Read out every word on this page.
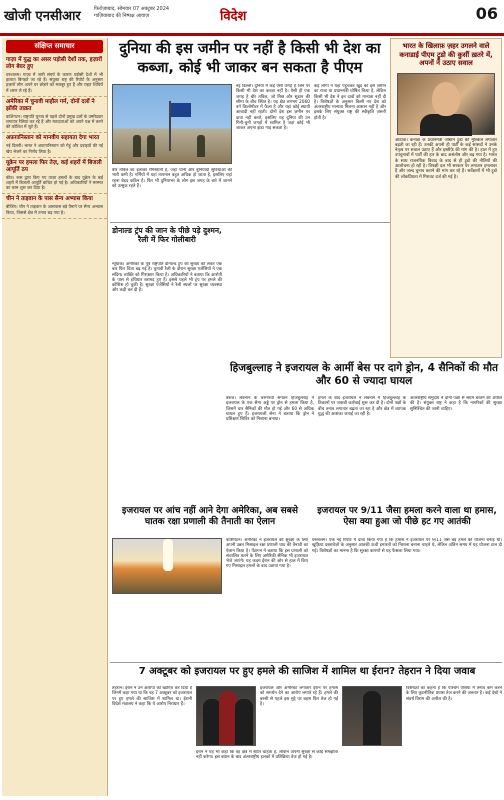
खोजी एनसीआर	फिरोज़ाबाद, सोमवार 07 अक्टूबर 2024
गाज़ियाबाद की निष्पक्ष आवाज़	विदेश	06
संक्षिप्त समाचार
गाज़ा में युद्ध का असर पड़ोसी देशों तक, हज़ारों लोग बेघर हुए
यरुशलम। गाज़ा में जारी संघर्ष के कारण पड़ोसी देशों में भी हालात बिगड़ते जा रहे हैं। संयुक्त राष्ट्र की रिपोर्ट के अनुसार हज़ारों लोग अपने घर छोड़ने को मजबूर हुए हैं और राहत शिविरों में शरण ले रहे हैं।
अमेरिका में चुनावी माहौल गर्म, दोनों दलों ने झोंकी ताक़त
वाशिंगटन। राष्ट्रपति चुनाव से पहले दोनों प्रमुख दलों के उम्मीदवार लगातार रैलियां कर रहे हैं और मतदाताओं को अपने पक्ष में करने की कोशिश में जुटे हैं।
अफ़ग़ानिस्तान को मानवीय सहायता देगा भारत
नई दिल्ली। भारत ने अफ़ग़ानिस्तान को गेहूं और दवाइयों की नई खेप भेजने का निर्णय लिया है।
यूक्रेन पर हमला फिर तेज़, कई शहरों में बिजली आपूर्ति ठप
कीव। रूस द्वारा किए गए ताज़ा हमलों के बाद यूक्रेन के कई शहरों में बिजली आपूर्ति बाधित हो गई है। अधिकारियों ने मरम्मत का काम शुरू कर दिया है।
चीन ने ताइवान के पास सैन्य अभ्यास किया
बीजिंग। चीन ने ताइवान के आसपास बड़े पैमाने पर सैन्य अभ्यास किया, जिससे क्षेत्र में तनाव बढ़ गया है।
दुनिया की इस जमीन पर नहीं है किसी भी देश का कब्जा, कोई भी जाकर बन सकता है पीएम
नई दिल्ली। दुनिया में कई ऐसी जगहें हैं जिन पर किसी भी देश का कब्ज़ा नहीं है। ऐसी ही एक जगह है बीर तविल, जो मिस्र और सूडान की सीमा के बीच स्थित है। यह क्षेत्र लगभग 2060 वर्ग किलोमीटर में फैला है और यहां कोई स्थायी आबादी नहीं रहती। दोनों देश इस ज़मीन पर दावा नहीं करते, इसलिए यह दुनिया की उन गिनी-चुनी जगहों में शामिल है जहां कोई भी जाकर अपना झंडा गाड़ सकता है।
कई लोगों ने यहां पहुंचकर खुद को इस ज़मीन का राजा या प्रधानमंत्री घोषित किया है, लेकिन किसी भी देश ने इन दावों को मान्यता नहीं दी है। विशेषज्ञों के अनुसार किसी नए देश को अंतरराष्ट्रीय मान्यता मिलना आसान नहीं है और इसके लिए संयुक्त राष्ट्र की स्वीकृति ज़रूरी होती है।
बीर तविल का इलाका रेगिस्तानी है, जहां पानी और बुनियादी सुविधाओं की भारी कमी है। गर्मियों में यहां तापमान बहुत अधिक हो जाता है, इसलिए यहां रहना बेहद कठिन है। फिर भी दुनियाभर के लोग इस जगह के बारे में जानने को उत्सुक रहते हैं।
भारत के खिलाफ़ ज़हर उगलने वाले कनाडाई पीएम ट्रूडो की कुर्सी ख़तरे में, अपनों ने उठाए सवाल
ओटावा। कनाडा के प्रधानमंत्री जस्टिन ट्रूडो की मुश्किलें लगातार बढ़ती जा रही हैं। उनकी अपनी ही पार्टी के कई सांसदों ने उनके नेतृत्व पर सवाल उठाए हैं और इस्तीफ़े की मांग की है। हाल में हुए उपचुनावों में पार्टी की हार के बाद असंतोष और बढ़ गया है। भारत के साथ राजनयिक विवाद के बाद से ही ट्रूडो की नीतियों की आलोचना हो रही है। विपक्षी दल भी सरकार पर लगातार हमलावर हैं और जल्द चुनाव कराने की मांग कर रहे हैं। सर्वेक्षणों में भी ट्रूडो की लोकप्रियता में गिरावट दर्ज की गई है।
डोनाल्ड ट्रंप की जान के पीछे पड़े दुश्मन, रैली में फिर गोलीबारी
न्यूयॉर्क। अमेरिका के पूर्व राष्ट्रपति डोनाल्ड ट्रंप की सुरक्षा को लेकर एक बार फिर चिंता बढ़ गई है। चुनावी रैली के दौरान सुरक्षा एजेंसियों ने एक संदिग्ध व्यक्ति को गिरफ़्तार किया है। अधिकारियों ने बताया कि आरोपी के पास से हथियार बरामद हुए हैं। इससे पहले भी ट्रंप पर हमले की कोशिश हो चुकी है। सुरक्षा एजेंसियों ने रैली स्थलों पर सुरक्षा व्यवस्था और कड़ी कर दी है।
हिजबुल्लाह ने इजरायल के आर्मी बेस पर दागे ड्रोन, 4 सैनिकों की मौत और 60 से ज्यादा घायल
बेरूत। लेबनान के चरमपंथी संगठन हिजबुल्लाह ने इजरायल के एक सैन्य अड्डे पर ड्रोन से हमला किया है, जिसमें चार सैनिकों की मौत हो गई और 60 से अधिक घायल हुए हैं। इजरायली सेना ने बताया कि ड्रोन ने प्रशिक्षण शिविर को निशाना बनाया।
हमले के बाद इजरायल ने लेबनान में हिजबुल्लाह के ठिकानों पर जवाबी कार्रवाई शुरू कर दी है। दोनों पक्षों के बीच तनाव लगातार बढ़ता जा रहा है और क्षेत्र में व्यापक युद्ध की आशंका जताई जा रही है।
अंतरराष्ट्रीय समुदाय ने दोनों पक्षों से संयम बरतने की अपील की है। संयुक्त राष्ट्र ने कहा है कि नागरिकों की सुरक्षा सुनिश्चित की जानी चाहिए।
इजरायल पर आंच नहीं आने देगा अमेरिका, अब सबसे घातक रक्षा प्रणाली की तैनाती का ऐलान
वाशिंगटन। अमेरिका ने इजरायल की सुरक्षा के लिए अपनी उन्नत मिसाइल रक्षा प्रणाली थाड की तैनाती का ऐलान किया है। पेंटागन ने बताया कि इस प्रणाली को संचालित करने के लिए अमेरिकी सैनिक भी इजरायल भेजे जाएंगे। यह कदम ईरान की ओर से हाल में किए गए मिसाइल हमलों के बाद उठाया गया है।
इजरायल पर 9/11 जैसा हमला करने वाला था हमास, ऐसा क्या हुआ जो पीछे हट गए आतंकी
यरुशलम। एक नई रिपोर्ट में दावा किया गया है कि हमास ने इजरायल पर 9/11 जैसे बड़े हमले की योजना बनाई थी। खुफ़िया दस्तावेज़ों के अनुसार आतंकी ऊंची इमारतों को निशाना बनाना चाहते थे, लेकिन अंतिम समय में यह योजना टाल दी गई। विशेषज्ञों का मानना है कि सुरक्षा कारणों से यह फैसला लिया गया।
7 अक्टूबर को इजरायल पर हुए हमले की साजिश में शामिल था ईरान? तेहरान ने दिया जवाब
तेहरान। ईरान ने उन आरोपों को खारिज कर दिया है जिनमें कहा गया था कि वह 7 अक्टूबर को इजरायल पर हुए हमले की साजिश में शामिल था। ईरानी विदेश मंत्रालय ने कहा कि ये आरोप निराधार हैं।
इजरायल और अमेरिका लगातार ईरान पर हमास को समर्थन देने का आरोप लगाते रहे हैं। हमले की बरसी से पहले इस मुद्दे पर बहस फिर तेज़ हो गई है।
विशेषज्ञों का कहना है कि पश्चिम एशिया में तनाव कम करने के लिए कूटनीतिक प्रयास तेज़ करने की ज़रूरत है। कई देशों ने संघर्ष विराम की अपील की है।
ईरान ने यह भी कहा कि वह क्षेत्र में शांति चाहता है, लेकिन अपनी सुरक्षा से कोई समझौता नहीं करेगा। इस बयान के बाद अंतरराष्ट्रीय हलकों में प्रतिक्रिया तेज़ हो गई है।
